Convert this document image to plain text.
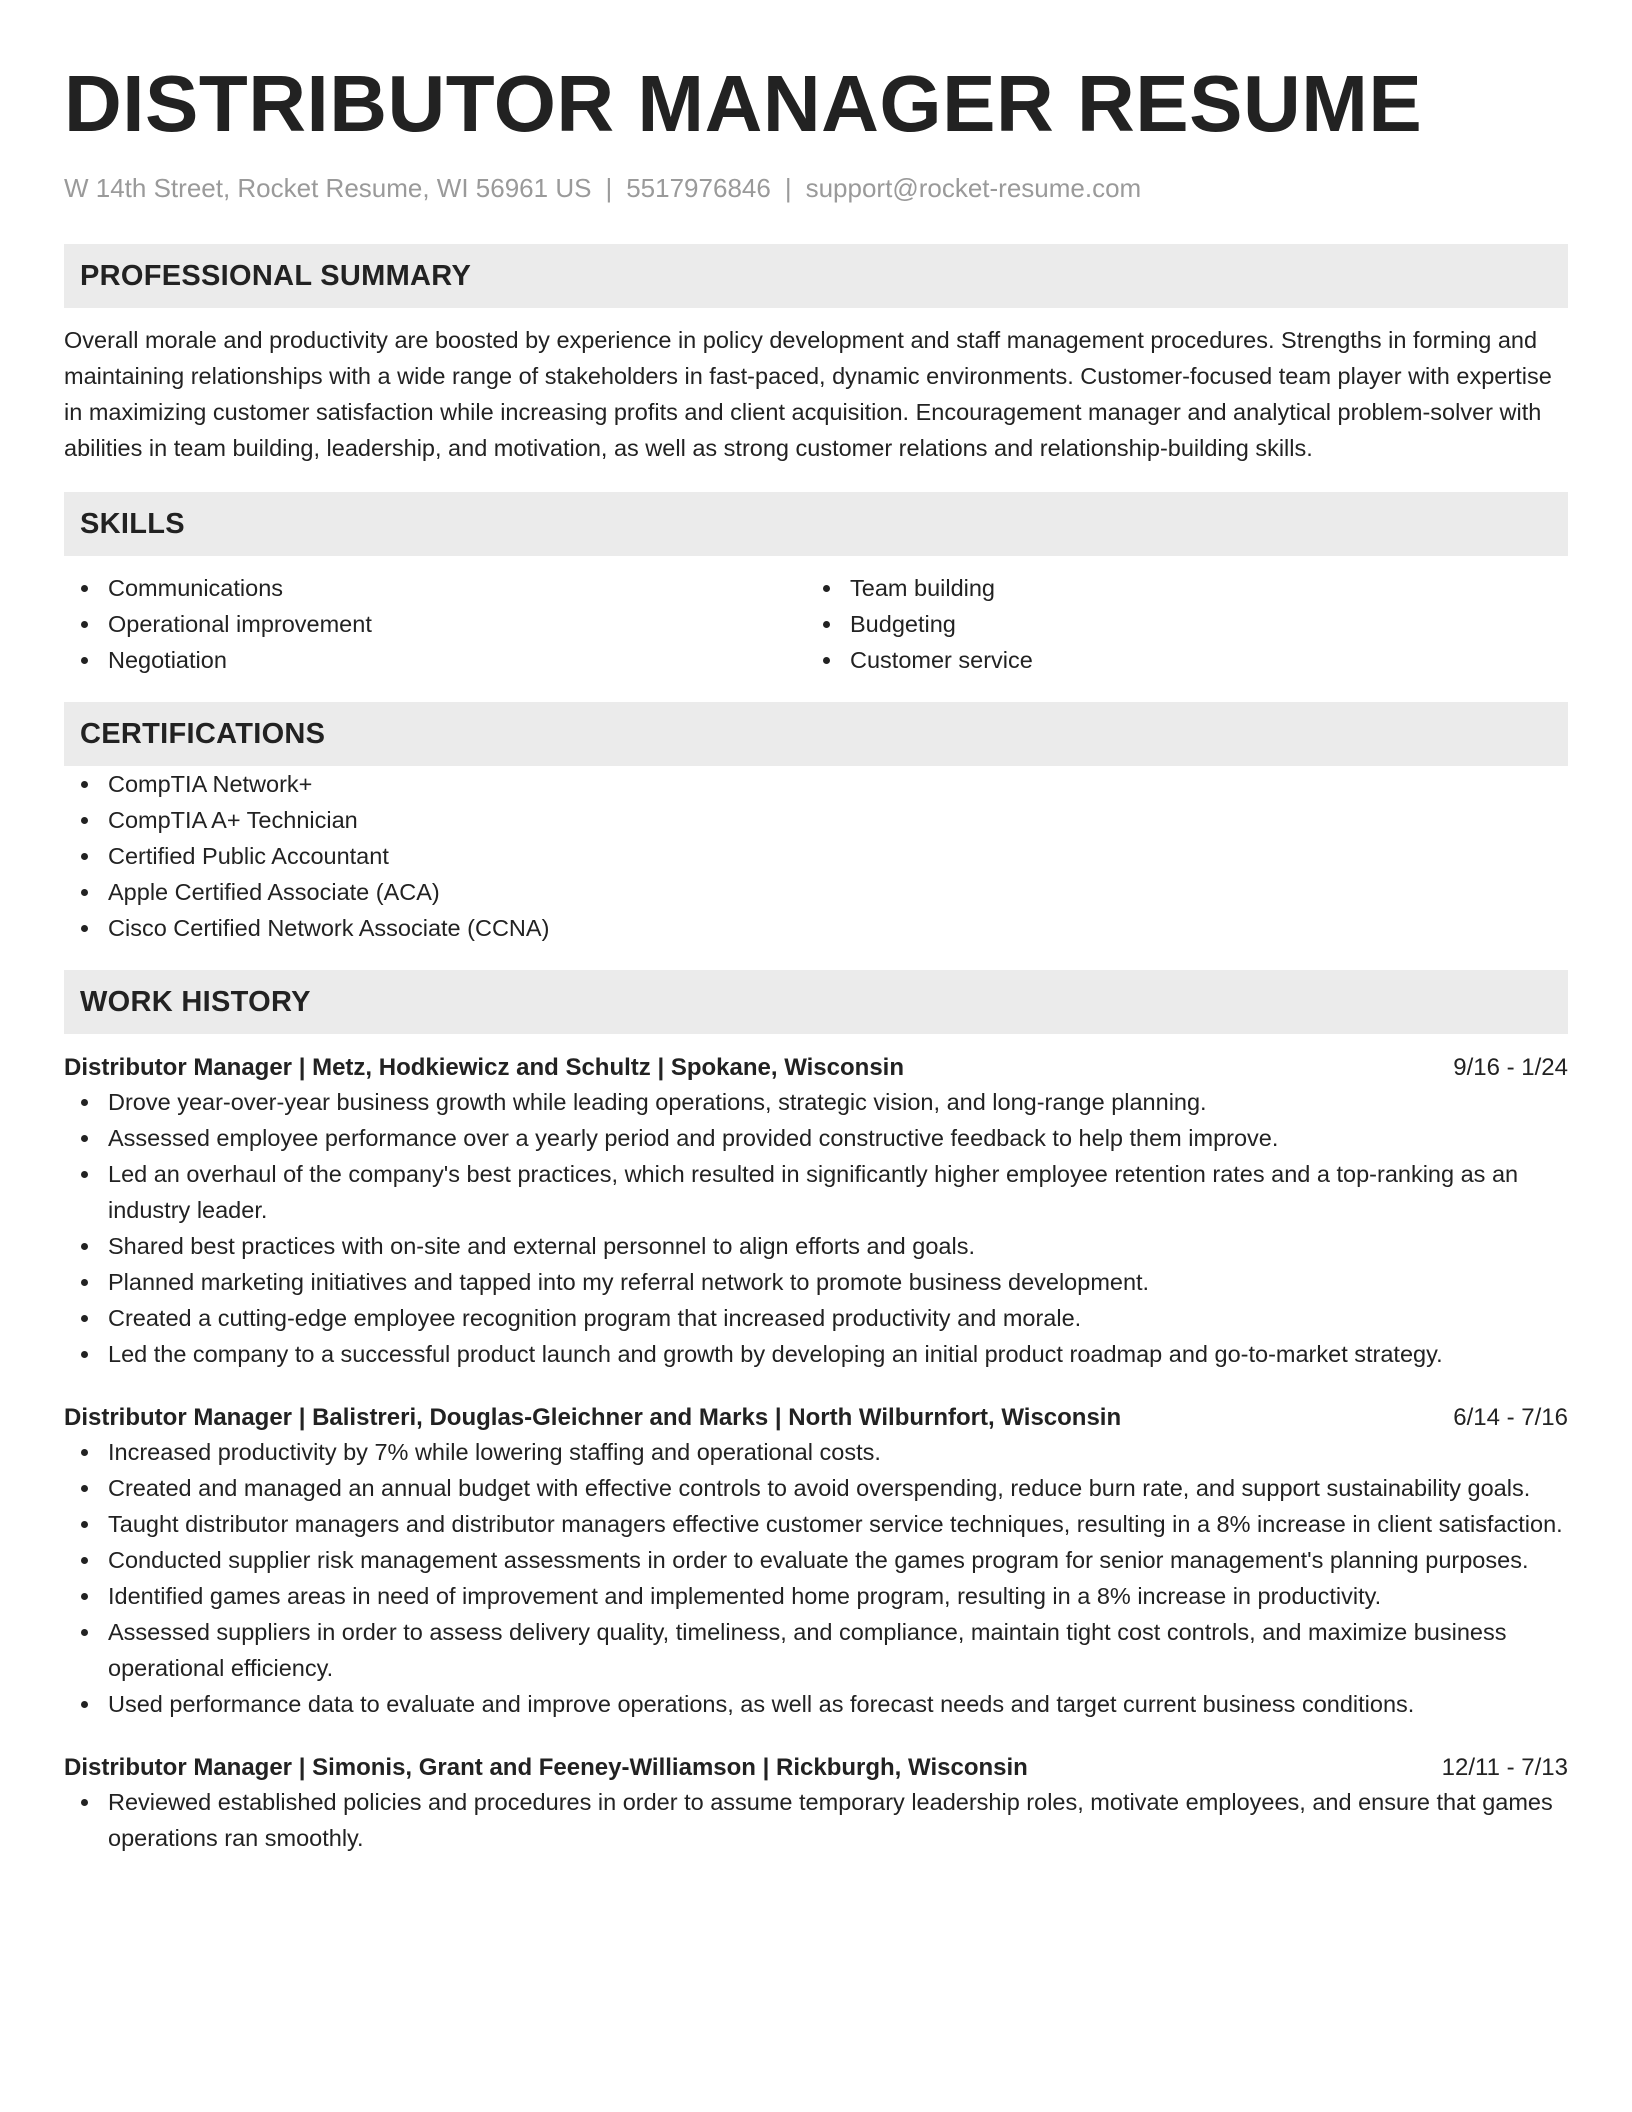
DISTRIBUTOR MANAGER RESUME
W 14th Street, Rocket Resume, WI 56961 US | 5517976846 | support@rocket-resume.com
PROFESSIONAL SUMMARY

Overall morale and productivity are boosted by experience in policy development and staff management procedures. Strengths in forming and maintaining relationships with a wide range of stakeholders in fast-paced, dynamic environments. Customer-focused team player with expertise in maximizing customer satisfaction while increasing profits and client acquisition. Encouragement manager and analytical problem-solver with abilities in team building, leadership, and motivation, as well as strong customer relations and relationship-building skills.

SKILLS
Communications
Operational improvement
Negotiation
Team building
Budgeting
Customer service
CERTIFICATIONS
CompTIA Network+
CompTIA A+ Technician
Certified Public Accountant
Apple Certified Associate (ACA)
Cisco Certified Network Associate (CCNA)
WORK HISTORY
Distributor Manager | Metz, Hodkiewicz and Schultz | Spokane, Wisconsin	9/16 - 1/24
Drove year-over-year business growth while leading operations, strategic vision, and long-range planning.
Assessed employee performance over a yearly period and provided constructive feedback to help them improve.
Led an overhaul of the company's best practices, which resulted in significantly higher employee retention rates and a top-ranking as an industry leader.
Shared best practices with on-site and external personnel to align efforts and goals.
Planned marketing initiatives and tapped into my referral network to promote business development.
Created a cutting-edge employee recognition program that increased productivity and morale.
Led the company to a successful product launch and growth by developing an initial product roadmap and go-to-market strategy.
Distributor Manager | Balistreri, Douglas-Gleichner and Marks | North Wilburnfort, Wisconsin	6/14 - 7/16
Increased productivity by 7% while lowering staffing and operational costs.
Created and managed an annual budget with effective controls to avoid overspending, reduce burn rate, and support sustainability goals.
Taught distributor managers and distributor managers effective customer service techniques, resulting in a 8% increase in client satisfaction.
Conducted supplier risk management assessments in order to evaluate the games program for senior management's planning purposes.
Identified games areas in need of improvement and implemented home program, resulting in a 8% increase in productivity.
Assessed suppliers in order to assess delivery quality, timeliness, and compliance, maintain tight cost controls, and maximize business operational efficiency.
Used performance data to evaluate and improve operations, as well as forecast needs and target current business conditions.
Distributor Manager | Simonis, Grant and Feeney-Williamson | Rickburgh, Wisconsin	12/11 - 7/13
Reviewed established policies and procedures in order to assume temporary leadership roles, motivate employees, and ensure that games operations ran smoothly.
